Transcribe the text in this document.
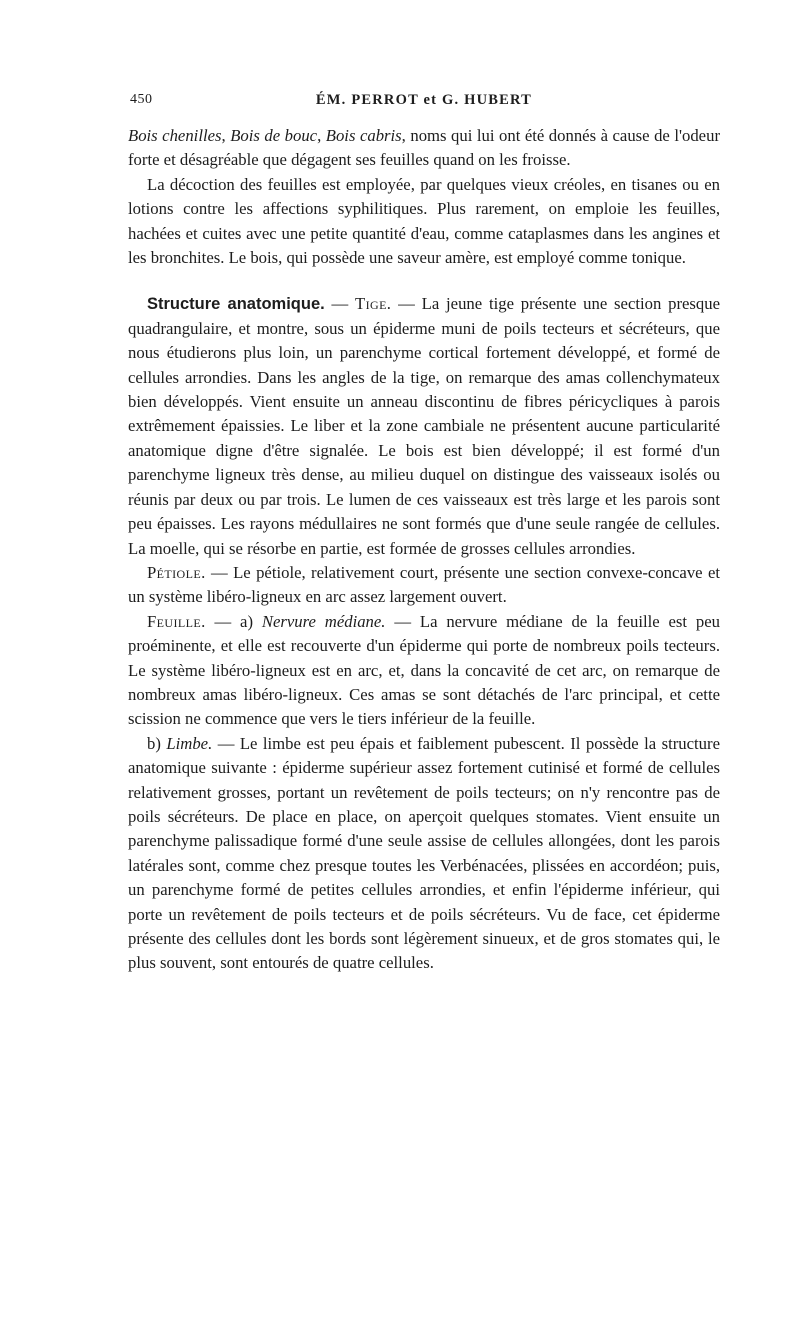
450	ÉM. PERROT et G. HUBERT

Bois chenilles, Bois de bouc, Bois cabris, noms qui lui ont été donnés à cause de l'odeur forte et désagréable que dégagent ses feuilles quand on les froisse.

La décoction des feuilles est employée, par quelques vieux créoles, en tisanes ou en lotions contre les affections syphilitiques. Plus rarement, on emploie les feuilles, hachées et cuites avec une petite quantité d'eau, comme cataplasmes dans les angines et les bronchites. Le bois, qui possède une saveur amère, est employé comme tonique.

Structure anatomique. — Tige. — La jeune tige présente une section presque quadrangulaire, et montre, sous un épiderme muni de poils tecteurs et sécréteurs, que nous étudierons plus loin, un parenchyme cortical fortement développé, et formé de cellules arrondies. Dans les angles de la tige, on remarque des amas collenchymateux bien développés. Vient ensuite un anneau discontinu de fibres péricycliques à parois extrêmement épaissies. Le liber et la zone cambiale ne présentent aucune particularité anatomique digne d'être signalée. Le bois est bien développé; il est formé d'un parenchyme ligneux très dense, au milieu duquel on distingue des vaisseaux isolés ou réunis par deux ou par trois. Le lumen de ces vaisseaux est très large et les parois sont peu épaisses. Les rayons médullaires ne sont formés que d'une seule rangée de cellules. La moelle, qui se résorbe en partie, est formée de grosses cellules arrondies.

Pétiole. — Le pétiole, relativement court, présente une section convexe-concave et un système libéro-ligneux en arc assez largement ouvert.

Feuille. — a) Nervure médiane. — La nervure médiane de la feuille est peu proéminente, et elle est recouverte d'un épiderme qui porte de nombreux poils tecteurs. Le système libéro-ligneux est en arc, et, dans la concavité de cet arc, on remarque de nombreux amas libéro-ligneux. Ces amas se sont détachés de l'arc principal, et cette scission ne commence que vers le tiers inférieur de la feuille.

b) Limbe. — Le limbe est peu épais et faiblement pubescent. Il possède la structure anatomique suivante : épiderme supérieur assez fortement cutinisé et formé de cellules relativement grosses, portant un revêtement de poils tecteurs; on n'y rencontre pas de poils sécréteurs. De place en place, on aperçoit quelques stomates. Vient ensuite un parenchyme palissadique formé d'une seule assise de cellules allongées, dont les parois latérales sont, comme chez presque toutes les Verbénacées, plissées en accordéon; puis, un parenchyme formé de petites cellules arrondies, et enfin l'épiderme inférieur, qui porte un revêtement de poils tecteurs et de poils sécréteurs. Vu de face, cet épiderme présente des cellules dont les bords sont légèrement sinueux, et de gros stomates qui, le plus souvent, sont entourés de quatre cellules.
